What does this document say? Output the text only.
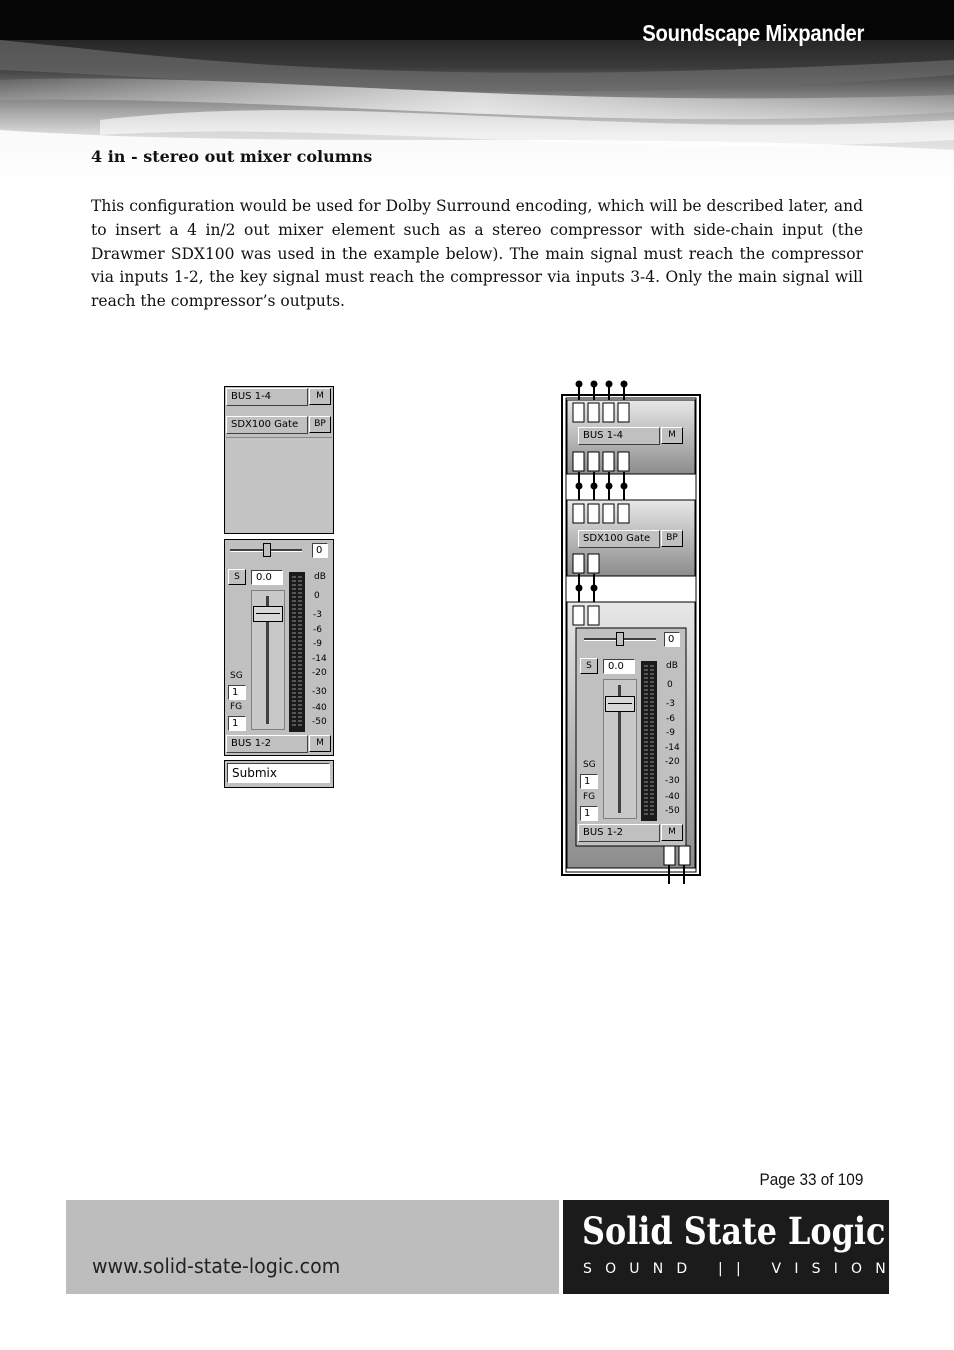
Soundscape Mixpander
4 in - stereo out mixer columns
This configuration would be used for Dolby Surround encoding, which will be described later, and to insert a 4 in/2 out mixer element such as a stereo compressor with side-chain input (the Drawmer SDX100 was used in the example below). The main signal must reach the compressor via inputs 1-2, the key signal must reach the compressor via inputs 3-4. Only the main signal will reach the compressor’s outputs.
BUS 1-4	M
SDX100 Gate	BP
0
S	0.0	dB
0
-3
-6
-9
-14
-20
-30
-40
-50
SG
1
FG
1
BUS 1-2	M
Submix
BUS 1-4	M
SDX100 Gate	BP
0
S	0.0	dB
0
-3
-6
-9
-14
-20
-30
-40
-50
SG
1
FG
1
BUS 1-2	M
Page 33 of 109
www.solid-state-logic.com
Solid State Logic
SOUND || VISION
